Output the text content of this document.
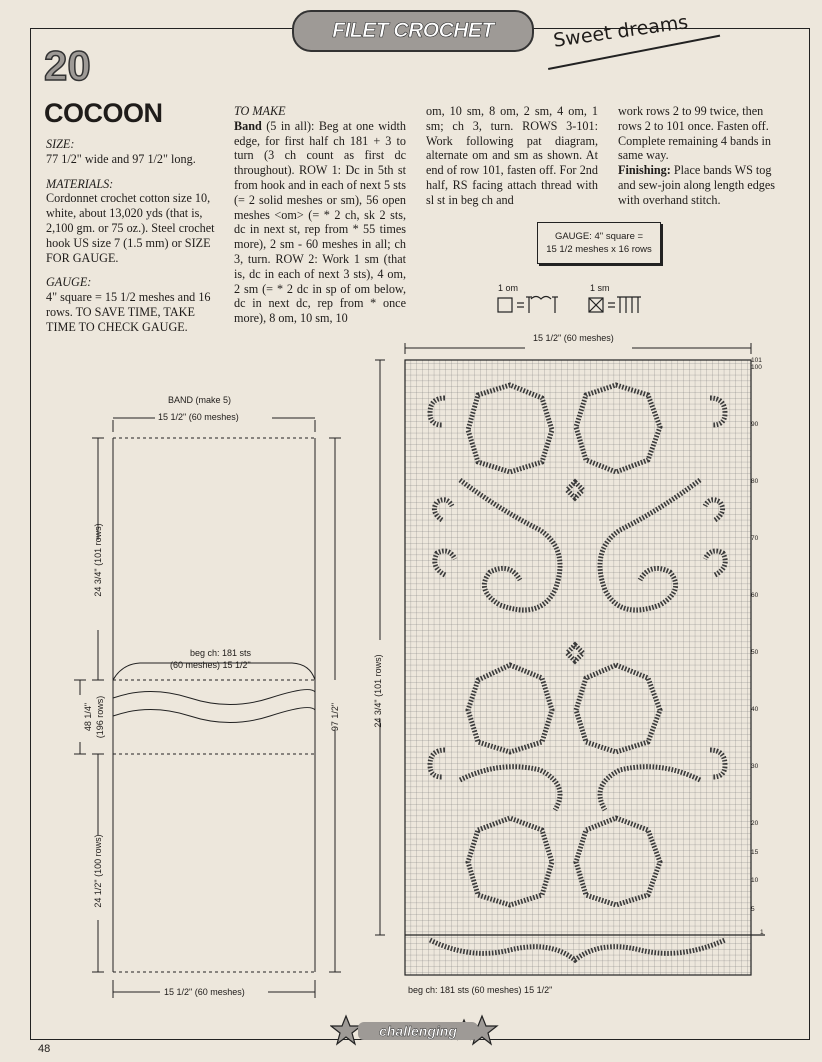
FILET CROCHET	Sweet dreams
20
COCOON
SIZE:

77 1/2" wide and 97 1/2" long.

MATERIALS:

Cordonnet crochet cotton size 10, white, about 13,020 yds (that is, 2,100 gm. or 75 oz.). Steel crochet hook US size 7 (1.5 mm) or SIZE FOR GAUGE.

GAUGE:

4" square = 15 1/2 meshes and 16 rows. TO SAVE TIME, TAKE TIME TO CHECK GAUGE.

TO MAKE

Band (5 in all): Beg at one width edge, for first half ch 181 + 3 to turn (3 ch count as first dc throughout). ROW 1: Dc in 5th st from hook and in each of next 5 sts (= 2 solid meshes or sm), 56 open meshes <om> (= * 2 ch, sk 2 sts, dc in next st, rep from * 55 times more), 2 sm - 60 meshes in all; ch 3, turn. ROW 2: Work 1 sm (that is, dc in each of next 3 sts), 4 om, 2 sm (= * 2 dc in sp of om below, dc in next dc, rep from * once more), 8 om, 10 sm, 10

om, 10 sm, 8 om, 2 sm, 4 om, 1 sm; ch 3, turn. ROWS 3-101: Work following pat diagram, alternate om and sm as shown. At end of row 101, fasten off. For 2nd half, RS facing attach thread with sl st in beg ch and

work rows 2 to 99 twice, then rows 2 to 101 once. Fasten off. Complete remaining 4 bands in same way.

Finishing: Place bands WS tog and sew-join along length edges with overhand stitch.

GAUGE: 4" square =
15 1/2 meshes x 16 rows
1 om	1 sm
BAND (make 5)
15 1/2" (60 meshes)
15 1/2" (60 meshes)
24 3/4" (101 rows)
24 1/2" (100 rows)
48 1/4" (196 rows)	97 1/2"
beg ch: 181 sts
(60 meshes) 15 1/2"
15 1/2" (60 meshes)
24 3/4" (101 rows)
beg ch: 181 sts (60 meshes) 15 1/2"
101
100
90
80
70
60
50
40
30
20
15
10
5
1
challenging
48
